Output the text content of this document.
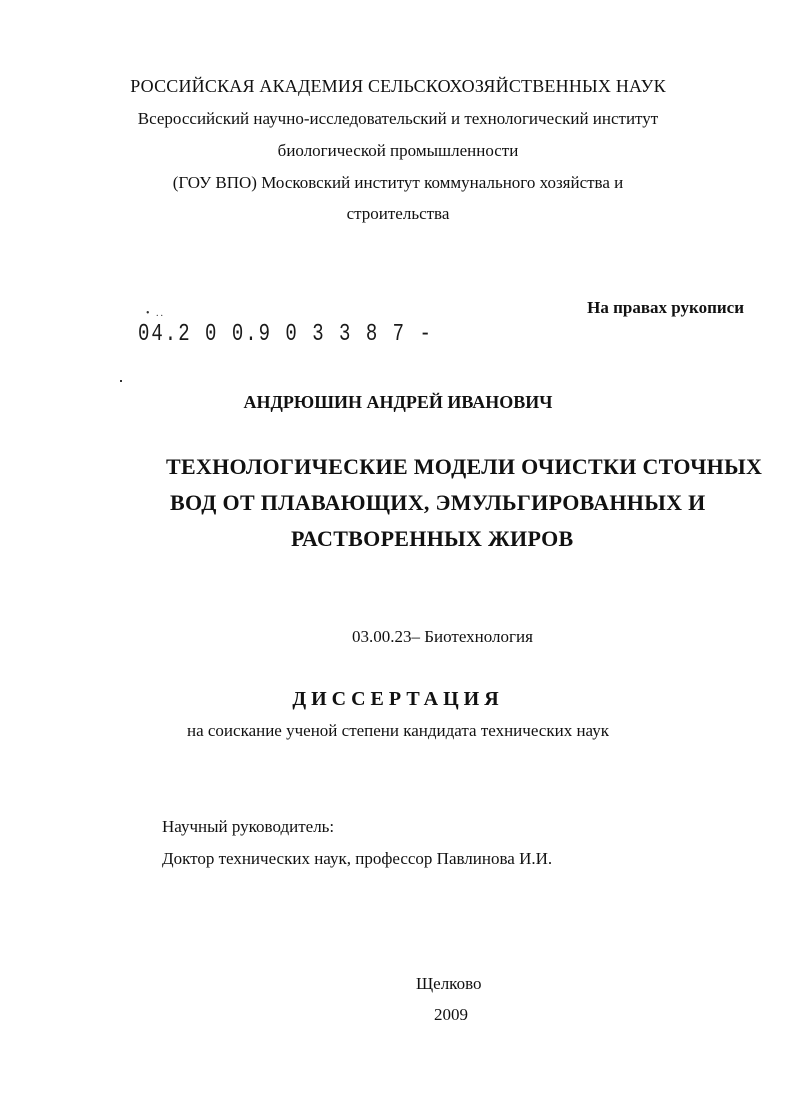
РОССИЙСКАЯ АКАДЕМИЯ СЕЛЬСКОХОЗЯЙСТВЕННЫХ НАУК
Всероссийский научно-исследовательский и технологический институт
биологической промышленности
(ГОУ ВПО) Московский институт коммунального хозяйства и
строительства
На правах рукописи
• ..
04.2 0 0.9 0 3 3 8 7 -
АНДРЮШИН АНДРЕЙ ИВАНОВИЧ
ТЕХНОЛОГИЧЕСКИЕ МОДЕЛИ ОЧИСТКИ СТОЧНЫХ
ВОД ОТ ПЛАВАЮЩИХ, ЭМУЛЬГИРОВАННЫХ И
РАСТВОРЕННЫХ ЖИРОВ
03.00.23– Биотехнология
ДИССЕРТАЦИЯ
на соискание ученой степени кандидата технических наук
Научный руководитель:
Доктор технических наук, профессор Павлинова И.И.
Щелково
2009
